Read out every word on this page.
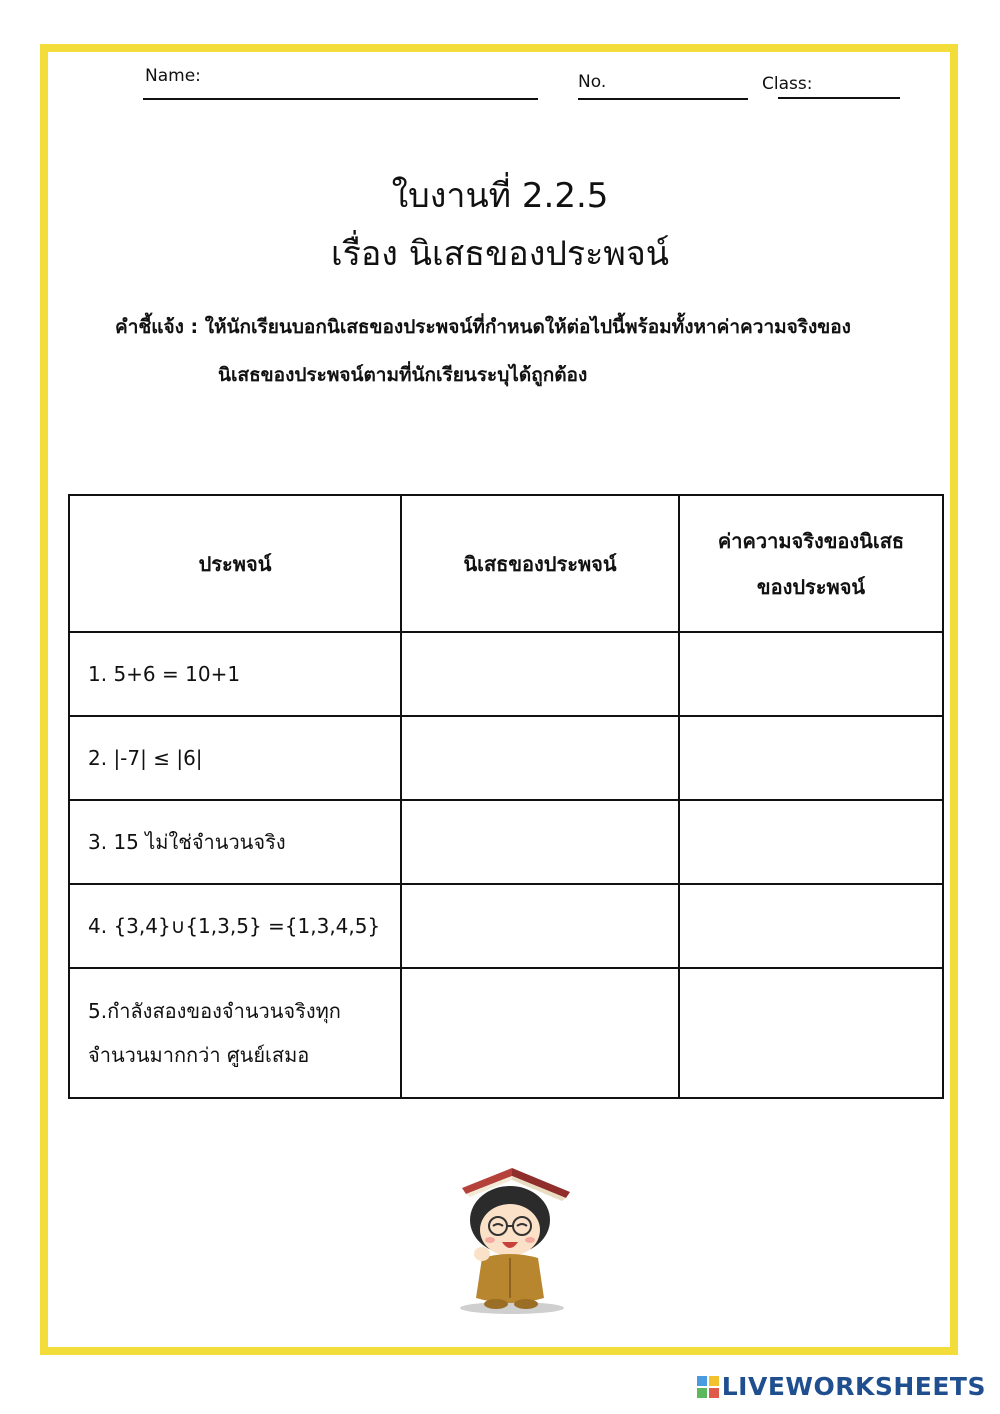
Name:	No.	Class:
ใบงานที่ 2.2.5
เรื่อง นิเสธของประพจน์
คำชี้แจ้ง : ให้นักเรียนบอกนิเสธของประพจน์ที่กำหนดให้ต่อไปนี้พร้อมทั้งหาค่าความจริงของ
นิเสธของประพจน์ตามที่นักเรียนระบุได้ถูกต้อง
ประพจน์	นิเสธของประพจน์	ค่าความจริงของนิเสธ
ของประพจน์
1. 5+6 = 10+1		
2. |-7| ≤ |6|		
3. 15 ไม่ใช่จำนวนจริง		
4. {3,4}∪{1,3,5} ={1,3,4,5}		
5.กำลังสองของจำนวนจริงทุก
จำนวนมากกว่า ศูนย์เสมอ		
LIVEWORKSHEETS
